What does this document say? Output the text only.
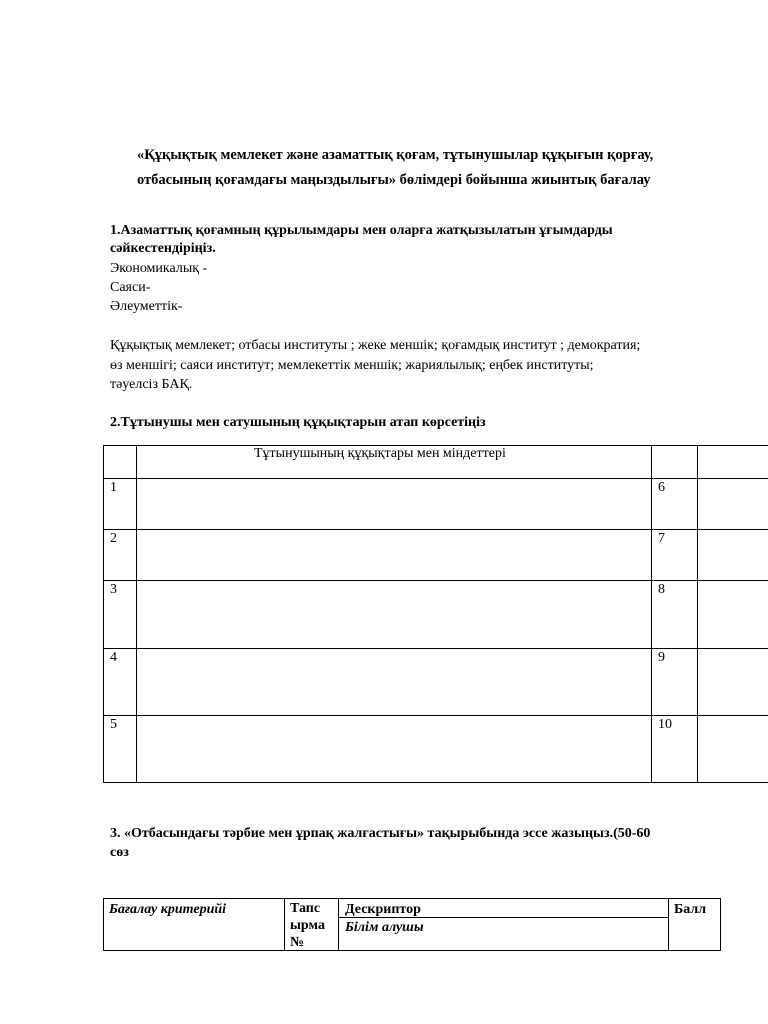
«Құқықтық мемлекет және азаматтық қоғам, тұтынушылар құқығын қорғау,
отбасының қоғамдағы маңыздылығы» бөлімдері бойынша жиынтық бағалау
1.Азаматтық қоғамның құрылымдары мен оларға жатқызылатын ұғымдарды
сәйкестендіріңіз.
Экономикалық -
Саяси-
Әлеуметтік-
Құқықтық мемлекет; отбасы институты ; жеке меншік; қоғамдық институт ; демократия;
өз меншігі; саяси институт; мемлекеттік меншік; жариялылық; еңбек институты;
тәуелсіз БАҚ.
2.Тұтынушы мен сатушының құқықтарын атап көрсетіңіз
Тұтынушының құқықтары мен міндеттері
1
2
3
4
5
6
7
8
9
10
3. «Отбасындағы тәрбие мен ұрпақ жалғастығы» тақырыбында эссе жазыңыз.(50-60
сөз
Бағалау критерийі	Тапс
ырма
№
Дескриптор
Білім алушы
Балл
